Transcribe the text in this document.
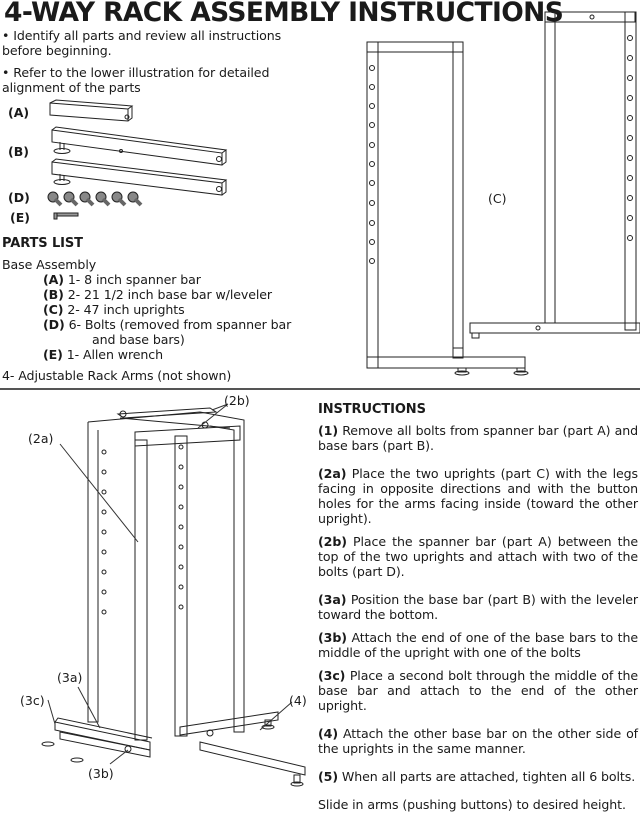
4-WAY RACK ASSEMBLY INSTRUCTIONS

• Identify all parts and review all instructions before beginning.

• Refer to the lower illustration for detailed alignment of the parts

(A)
(B)
(D)
(E)

PARTS LIST

Base Assembly

(A) 1- 8 inch spanner bar

(B) 2- 21 1/2 inch base bar w/leveler

(C) 2- 47 inch uprights

(D) 6- Bolts (removed from spanner bar

and base bars)

(E) 1- Allen wrench

4- Adjustable Rack Arms (not shown)

(C)
(2b)
(2a)
(3a)
(3c)	(4)
(3b)
INSTRUCTIONS

(1) Remove all bolts from spanner bar (part A) and base bars (part B).

(2a) Place the two uprights (part C) with the legs facing in opposite directions and with the button holes for the arms facing inside (toward the other upright).

(2b) Place the spanner bar (part A) between the top of the two uprights and attach with two of the bolts (part D).

(3a) Position the base bar (part B) with the leveler toward the bottom.

(3b) Attach the end of one of the base bars to the middle of the upright with one of the bolts

(3c) Place a second bolt through the middle of the base bar and attach to the end of the other upright.

(4) Attach the other base bar on the other side of the uprights in the same manner.

(5) When all parts are attached, tighten all 6 bolts.

Slide in arms (pushing buttons) to desired height.
